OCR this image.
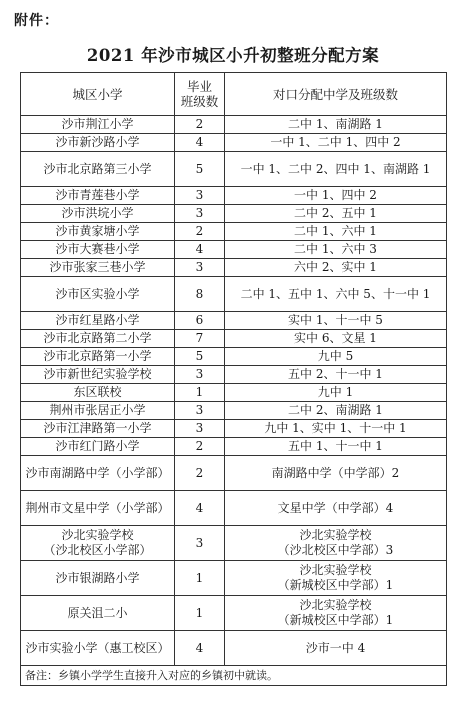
附件：
2021 年沙市城区小升初整班分配方案
城区小学	毕业
班级数	对口分配中学及班级数
沙市荆江小学	2	二中 1、南湖路 1
沙市新沙路小学	4	一中 1、二中 1、四中 2
沙市北京路第三小学	5	一中 1、二中 2、四中 1、南湖路 1
沙市青莲巷小学	3	一中 1、四中 2
沙市洪垸小学	3	二中 2、五中 1
沙市黄家塘小学	2	二中 1、六中 1
沙市大赛巷小学	4	二中 1、六中 3
沙市张家三巷小学	3	六中 2、实中 1
沙市区实验小学	8	二中 1、五中 1、六中 5、十一中 1
沙市红星路小学	6	实中 1、十一中 5
沙市北京路第二小学	7	实中 6、文星 1
沙市北京路第一小学	5	九中 5
沙市新世纪实验学校	3	五中 2、十一中 1
东区联校	1	九中 1
荆州市张居正小学	3	二中 2、南湖路 1
沙市江津路第一小学	3	九中 1、实中 1、十一中 1
沙市红门路小学	2	五中 1、十一中 1
沙市南湖路中学（小学部）	2	南湖路中学（中学部）2
荆州市文星中学（小学部）	4	文星中学（中学部）4
沙北实验学校
（沙北校区小学部）	3	沙北实验学校
（沙北校区中学部）3
沙市银湖路小学	1	沙北实验学校
（新城校区中学部）1
原关沮二小	1	沙北实验学校
（新城校区中学部）1
沙市实验小学（惠工校区）	4	沙市一中 4
备注：乡镇小学学生直接升入对应的乡镇初中就读。		
